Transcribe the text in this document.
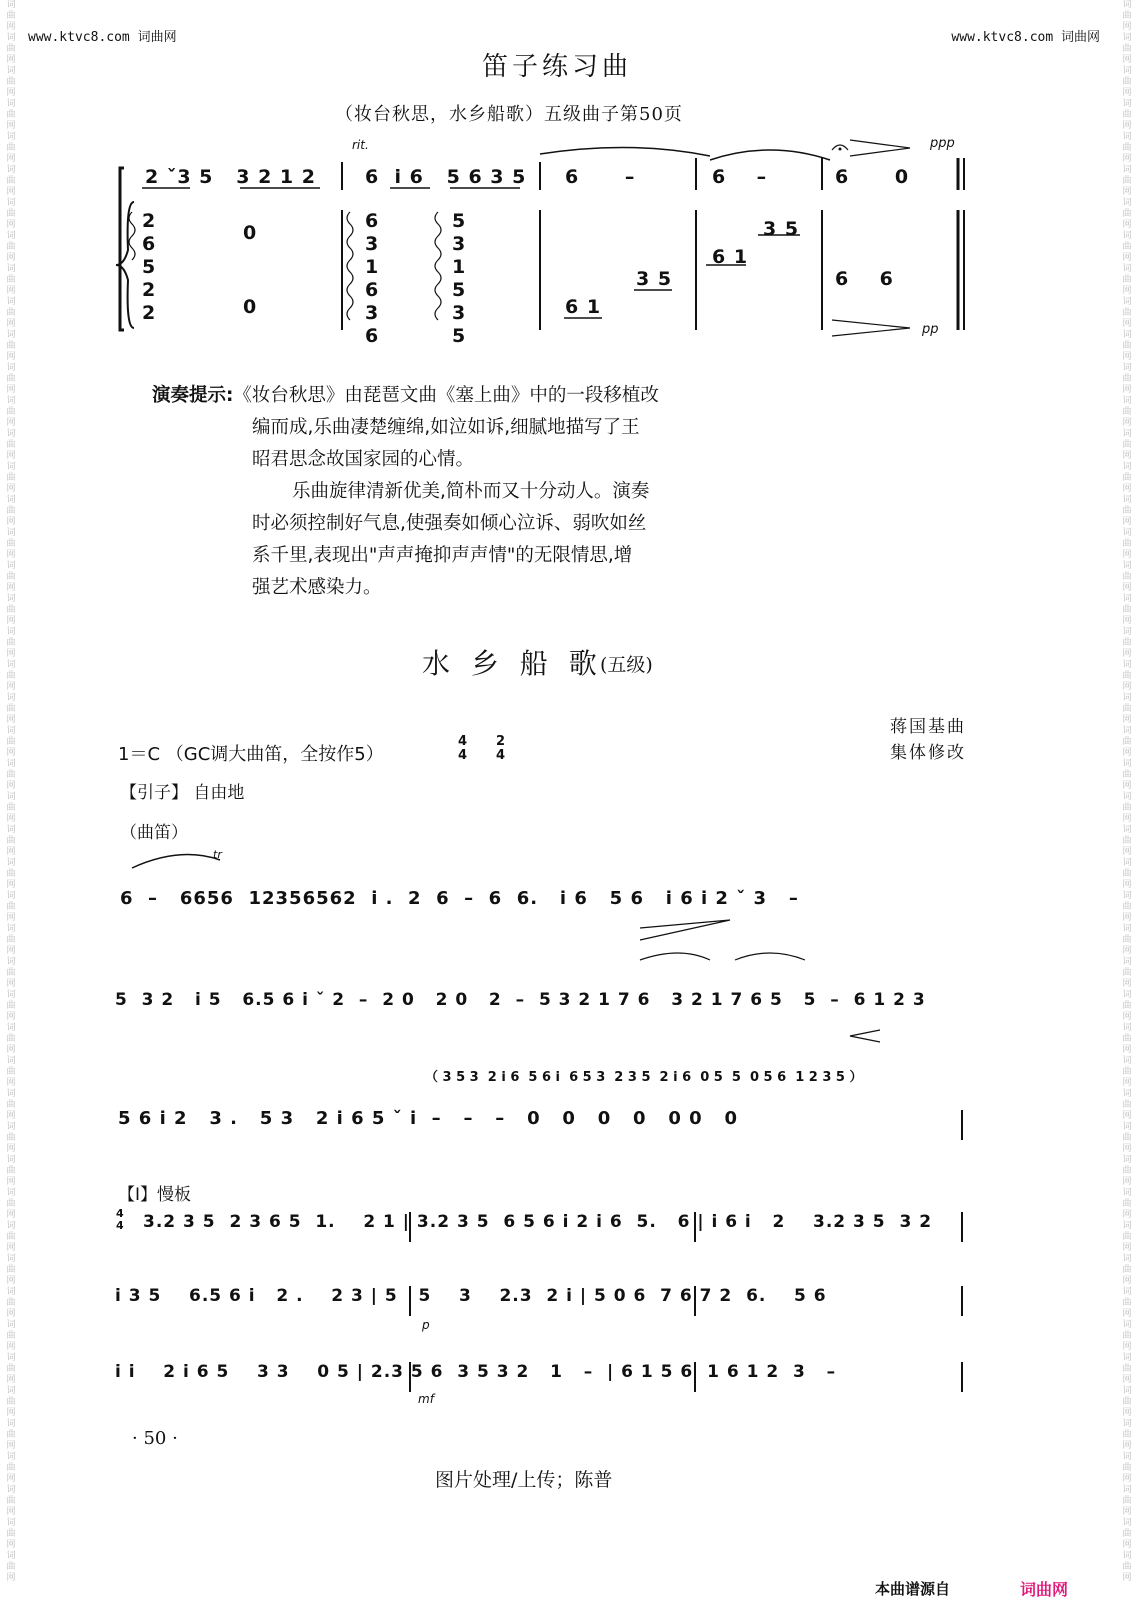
词
曲
网
词
曲
网
词
曲
网
词
曲
网
词
曲
网
词
曲
网
词
曲
网
词
曲
网
词
曲
网
词
曲
网
词
曲
网
词
曲
网
词
曲
网
词
曲
网
词
曲
网
词
曲
网
词
曲
网
词
曲
网
词
曲
网
词
曲
网
词
曲
网
词
曲
网
词
曲
网
词
曲
网
词
曲
网
词
曲
网
词
曲
网
词
曲
网
词
曲
网
词
曲
网
词
曲
网
词
曲
网
词
曲
网
词
曲
网
词
曲
网
词
曲
网
词
曲
网
词
曲
网
词
曲
网
词
曲
网
词
曲
网
词
曲
网
词
曲
网
词
曲
网
词
曲
网
词
曲
网
词
曲
网
词
曲
网
词
曲
网
词
曲
网
词
曲
网
词
曲
网
词
曲
网
词
曲
网
词
曲
网
词
曲
网
词
曲
网
词
曲
网
词
曲
网
词
曲
网
词
曲
网
词
曲
网
词
曲
网
词
曲
网
词
曲
网
词
曲
网
词
曲
网
词
曲
网
词
曲
网
词
曲
网
词
曲
网
词
曲
网
词
曲
网
词
曲
网
词
曲
网
词
曲
网
词
曲
网
词
曲
网
词
曲
网
词
曲
网
词
曲
网
词
曲
网
词
曲
网
词
曲
网
词
曲
网
词
曲
网
词
曲
网
词
曲
网
词
曲
网
词
曲
网
词
曲
网
词
曲
网
词
曲
网
词
曲
网
词
曲
网
词
曲
网
www.ktvc8.com 词曲网	www.ktvc8.com 词曲网
笛子练习曲
（妆台秋思，水乡船歌）五级曲子第50页
rit.	ppp
pp
2 ˇ3 5   3 2 1 2	6  i 6   5 6 3 5 6      –	6    –	6      0
2
6
5
2
2
0
0
6
3
1
6
3
6
5
3
1
5
3
5
6 1
3 5
6 1
3 5
6    6
演奏提示:《妆台秋思》由琵琶文曲《塞上曲》中的一段移植改
编而成,乐曲凄楚缠绵,如泣如诉,细腻地描写了王
昭君思念故国家园的心情。
乐曲旋律清新优美,简朴而又十分动人。演奏
时必须控制好气息,使强奏如倾心泣诉、弱吹如丝
系千里,表现出"声声掩抑声声情"的无限情思,增
强艺术感染力。
水 乡 船 歌
(五级)
蒋国基曲
集体修改
1＝C （GC调大曲笛，全按作5）
4
4
2
4
【引子】 自由地
（曲笛）
tr
6  –   6656  12356562  i .  2  6  –  6  6.   i 6   5 6   i 6 i 2 ˇ 3   –
5  3 2   i 5   6.5 6 i ˇ 2  –  2 0   2 0   2  –  5 3 2 1 7 6   3 2 1 7 6 5   5  –  6 1 2 3
（ 3 5 3  2 i 6  5 6 i  6 5 3  2 3 5  2 i 6  0 5  5  0 5 6  1 2 3 5 ）
5 6 i 2   3 .   5 3   2 i 6 5 ˇ i  –   –   –   0   0   0   0   0 0   0
【Ⅰ】慢板
4
4 3.2 3 5  2 3 6 5  1.    2 1 | 3.2 3 5  6 5 6 i 2 i 6  5.   6 | i 6 i   2    3.2 3 5  3 2
i 3 5    6.5 6 i   2 .    2 3 | 5   5    3    2.3  2 i | 5 0 6  7 6 7 2  6.    5 6
p
i i    2 i 6 5    3 3    0 5 | 2.3 5 6  3 5 3 2   1   –  | 6 1 5 6  1 6 1 2  3   –
mf
· 50 ·
图片处理/上传；陈普
本曲谱源自	词曲网
